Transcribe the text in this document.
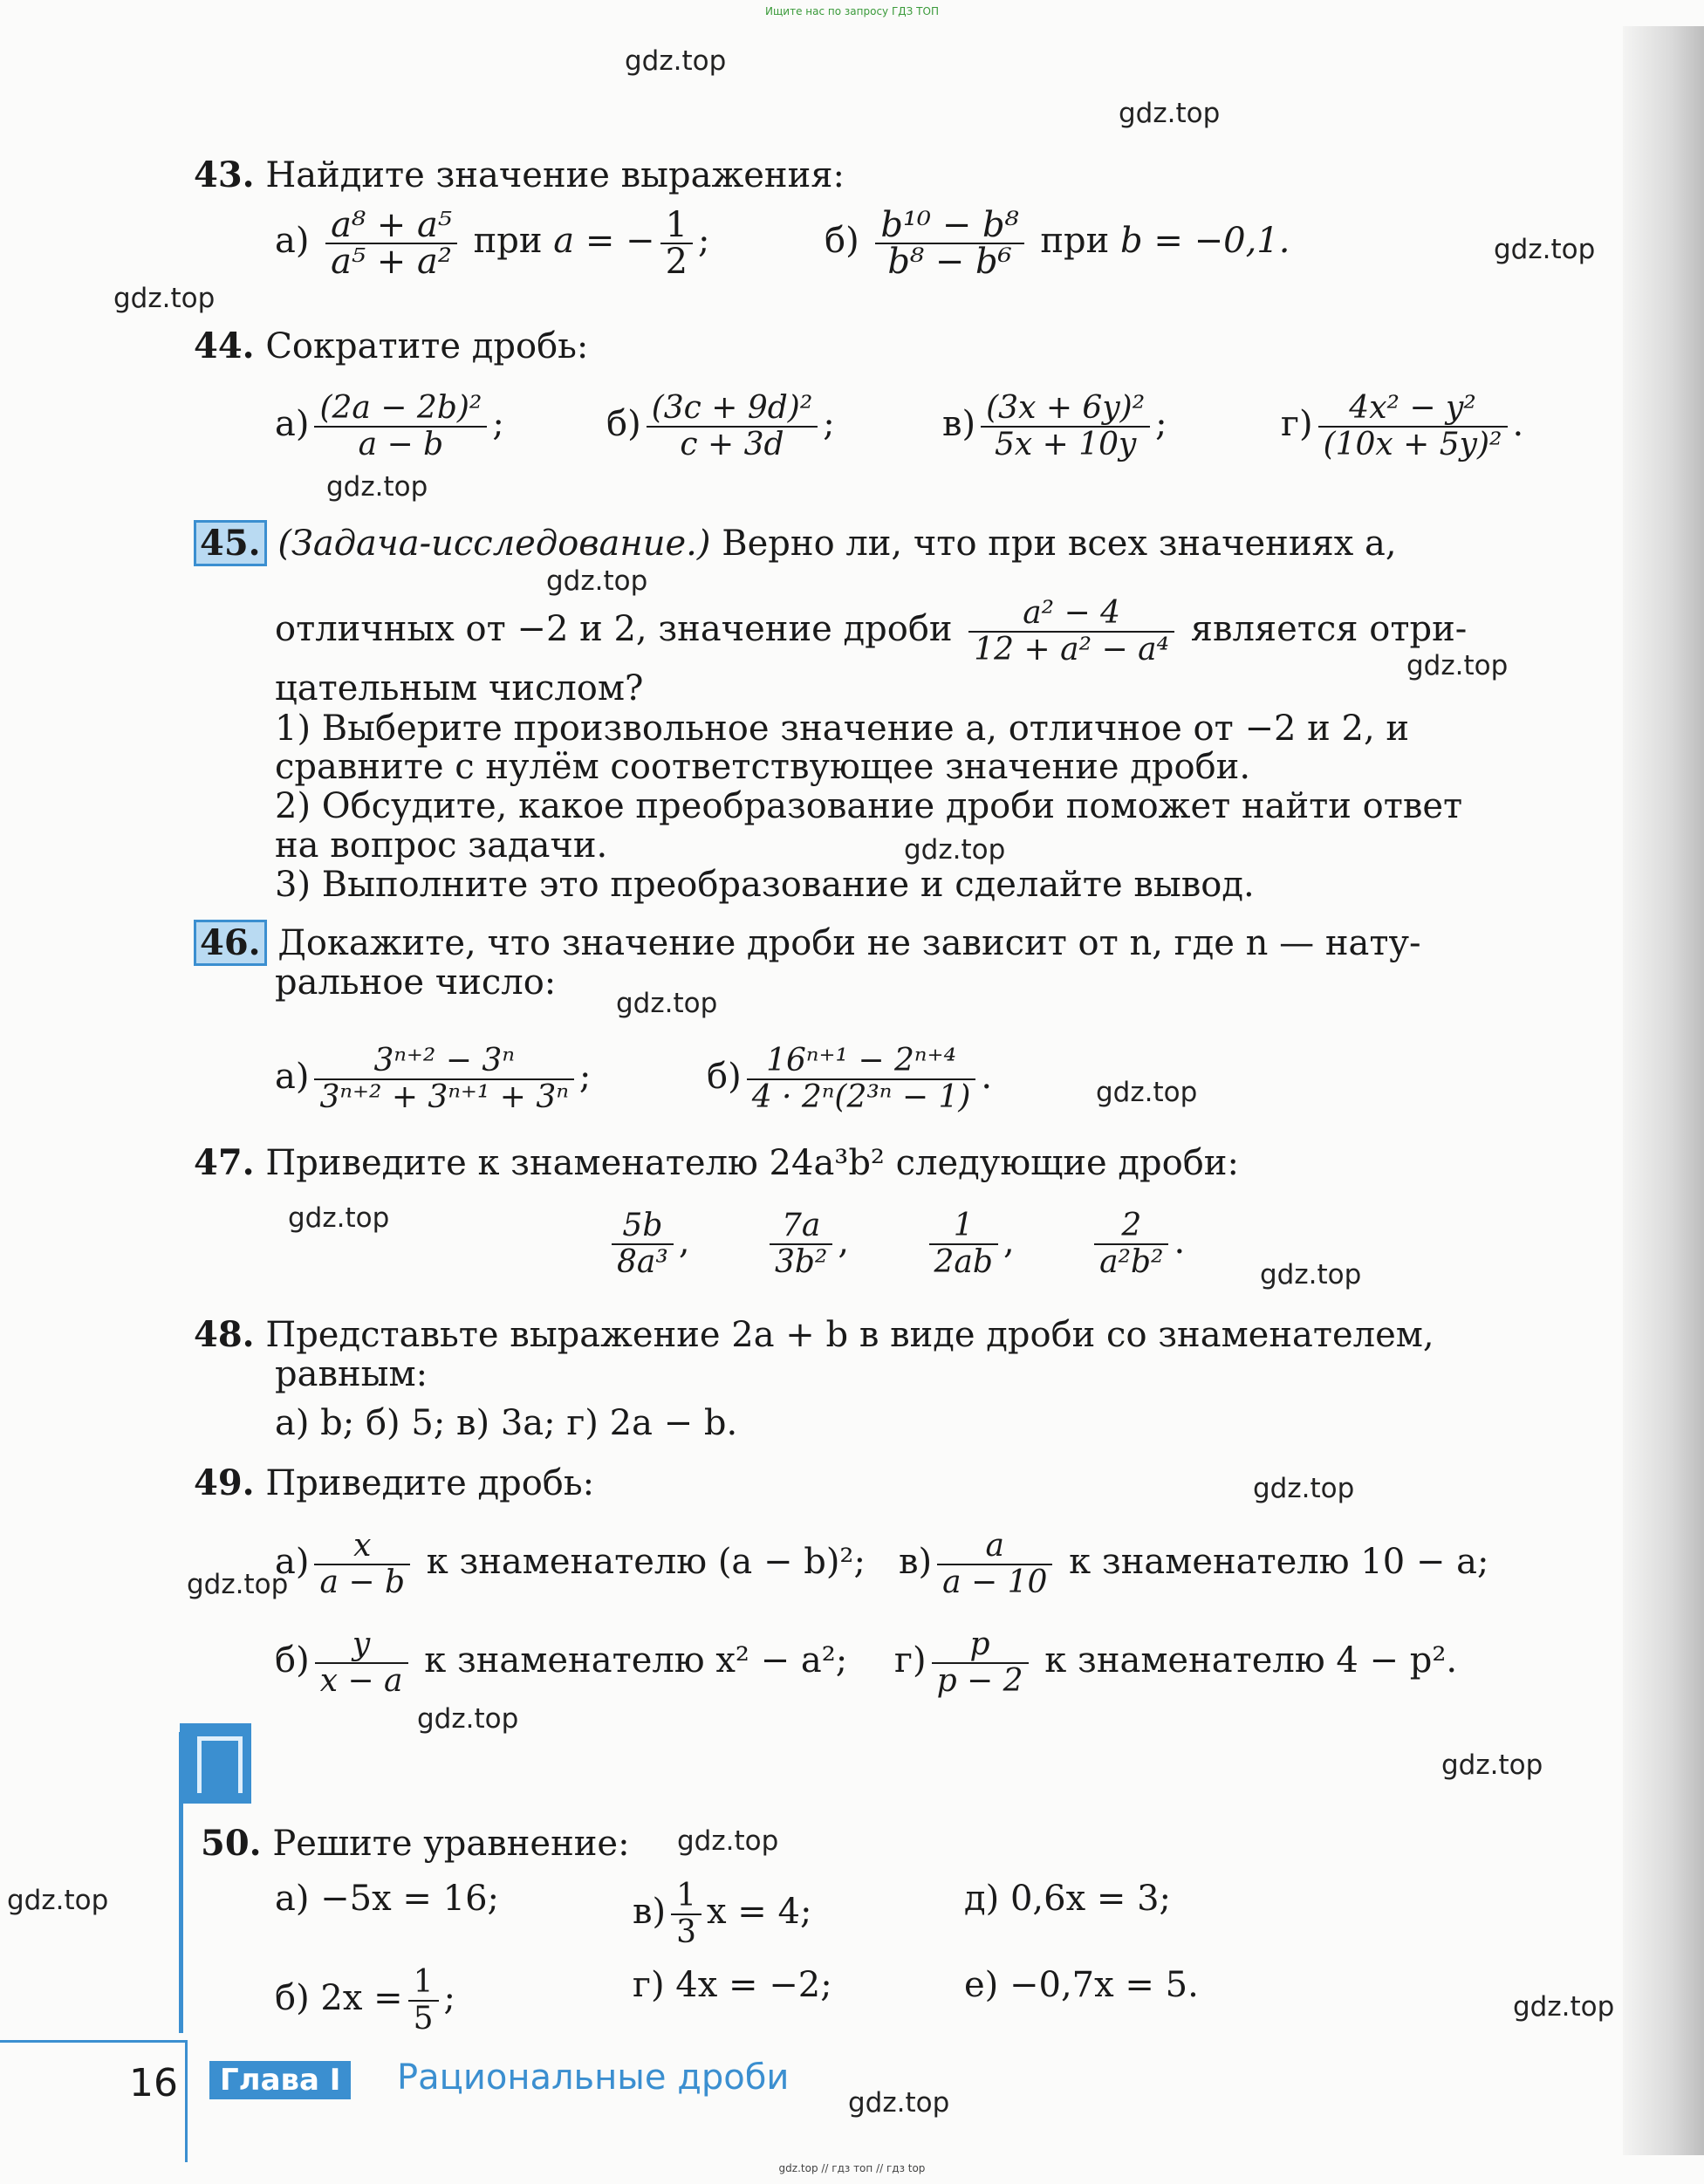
Ищите нас по запросу ГДЗ ТОП
gdz.top
gdz.top
gdz.top
gdz.top
gdz.top
gdz.top
gdz.top
gdz.top
gdz.top
gdz.top
gdz.top
gdz.top
gdz.top
gdz.top
gdz.top
gdz.top
gdz.top
gdz.top
gdz.top
gdz.top
43. Найдите значение выражения:
$а) \frac{\text{a⁸ + a⁵}}{\text{a⁵ + a²}}$ при a = − $\frac{1}{2}$ ;	$б) \frac{\text{b¹⁰ − b⁸}}{\text{b⁸ − b⁶}}$ при b = −0,1.
44. Сократите дробь:
$а) \frac{\text{(2a − 2b)²}}{a - b}$ ;	$б) \frac{\text{(3c + 9d)²}}{c + 3d}$ ;	$в) \frac{\text{(3x + 6y)²}}{5x + 10y}$ ;	$г) \frac{\text{4x² − y²}}{\text{(10x + 5y)²}}$ .
45. (Задача-исследование.) Верно ли, что при всех значениях a,
отличных от −2 и 2, значение дроби $\frac{\text{a² − 4}}{\text{12 + a² − a⁴}}$ является отри-
цательным числом?
1) Выберите произвольное значение a, отличное от −2 и 2, и
сравните с нулём соответствующее значение дроби.
2) Обсудите, какое преобразование дроби поможет найти ответ
на вопрос задачи.
3) Выполните это преобразование и сделайте вывод.
46. Докажите, что значение дроби не зависит от n, где n — нату-
ральное число:
$а) \frac{\text{3ⁿ⁺² − 3ⁿ}}{\text{3ⁿ⁺² + 3ⁿ⁺¹ + 3ⁿ}}$ ;	$б) \frac{\text{16ⁿ⁺¹ − 2ⁿ⁺⁴}}{\text{4 · 2ⁿ(2³ⁿ − 1)}}$ .
47. Приведите к знаменателю 24a³b² следующие дроби:
$\frac{5b}{\text{8a³}}$ ,	$\frac{7a}{\text{3b²}}$ ,	$\frac{1}{2ab}$ ,	$\frac{2}{\text{a²b²}}$ .
48. Представьте выражение 2a + b в виде дроби со знаменателем,
равным:
а) b; б) 5; в) 3a; г) 2a − b.
49. Приведите дробь:
$а) \frac{x}{a - b}$ к знаменателю (a − b)²; $в) \frac{a}{a - 10}$ к знаменателю 10 − a;
$б) \frac{y}{x - a}$ к знаменателю x² − a²; $г) \frac{p}{p - 2}$ к знаменателю 4 − p².
50. Решите уравнение:
а) −5x = 16;	$в) \frac{1}{3}$ x = 4;	д) 0,6x = 3;
б) $2x = \frac{1}{5}$ ;	г) 4x = −2;	е) −0,7x = 5.
16	Глава I	Рациональные дроби
gdz.top // гдз топ // гдз top
